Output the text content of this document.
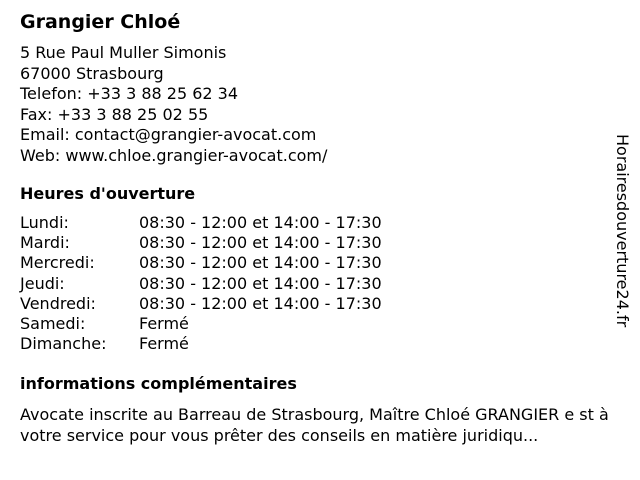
Grangier Chloé
5 Rue Paul Muller Simonis
67000 Strasbourg
Telefon: +33 3 88 25 62 34
Fax: +33 3 88 25 02 55
Email: contact@grangier-avocat.com
Web: www.chloe.grangier-avocat.com/
Heures d'ouverture
Lundi:	08:30 - 12:00 et 14:00 - 17:30
Mardi:	08:30 - 12:00 et 14:00 - 17:30
Mercredi:	08:30 - 12:00 et 14:00 - 17:30
Jeudi:	08:30 - 12:00 et 14:00 - 17:30
Vendredi:	08:30 - 12:00 et 14:00 - 17:30
Samedi:	Fermé
Dimanche: Fermé
informations complémentaires
Avocate inscrite au Barreau de Strasbourg, Maître Chloé GRANGIER e st à votre service pour vous prêter des conseils en matière juridiqu...
Horairesdouverture24.fr
